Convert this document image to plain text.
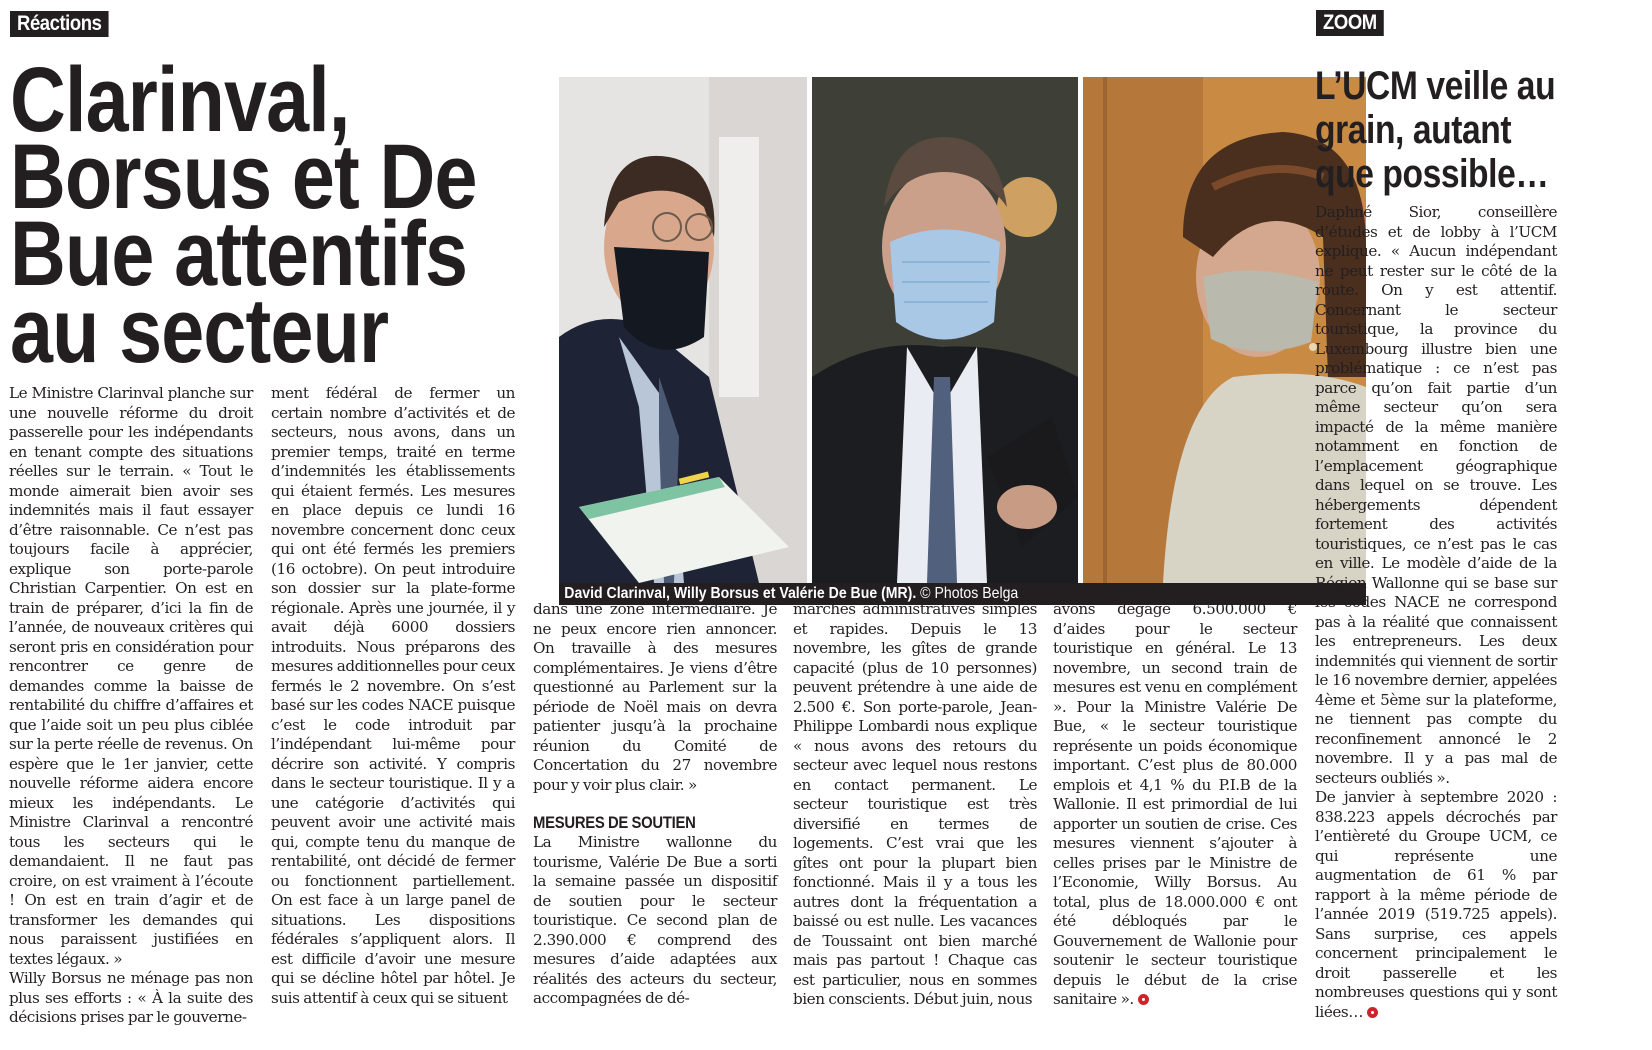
Réactions
Clarinval,
Borsus et De
Bue attentifs
au secteur
David Clarinval, Willy Borsus et Valérie De Bue (MR). © Photos Belga

Le Ministre Clarinval planche sur une nouvelle réforme du droit passerelle pour les indépendants en tenant compte des situations réelles sur le terrain. « Tout le monde aimerait bien avoir ses indemnités mais il faut essayer d’être raisonnable. Ce n’est pas toujours facile à apprécier, explique son porte-parole Christian Carpentier. On est en train de préparer, d’ici la fin de l’année, de nouveaux critères qui seront pris en considération pour rencontrer ce genre de demandes comme la baisse de rentabilité du chiffre d’affaires et que l’aide soit un peu plus ciblée sur la perte réelle de revenus. On espère que le 1er janvier, cette nouvelle réforme aidera encore mieux les indépendants. Le Ministre Clarinval a rencontré tous les secteurs qui le demandaient. Il ne faut pas croire, on est vraiment à l’écoute ! On est en train d’agir et de transformer les demandes qui nous paraissent justifiées en textes légaux. »

Willy Borsus ne ménage pas non plus ses efforts : « À la suite des décisions prises par le gouverne-

ment fédéral de fermer un certain nombre d’activités et de secteurs, nous avons, dans un premier temps, traité en terme d’indemnités les établissements qui étaient fermés. Les mesures en place depuis ce lundi 16 novembre concernent donc ceux qui ont été fermés les premiers (16 octobre). On peut introduire son dossier sur la plate-forme régionale. Après une journée, il y avait déjà 6000 dossiers introduits. Nous préparons des mesures additionnelles pour ceux fermés le 2 novembre. On s’est basé sur les codes NACE puisque c’est le code introduit par l’indépendant lui-même pour décrire son activité. Y compris dans le secteur touristique. Il y a une catégorie d’activités qui peuvent avoir une activité mais qui, compte tenu du manque de rentabilité, ont décidé de fermer ou fonctionnent partiellement. On est face à un large panel de situations. Les dispositions fédérales s’appliquent alors. Il est difficile d’avoir une mesure qui se décline hôtel par hôtel. Je suis attentif à ceux qui se situent

dans une zone intermédiaire. Je ne peux encore rien annoncer. On travaille à des mesures complémentaires. Je viens d’être questionné au Parlement sur la période de Noël mais on devra patienter jusqu’à la prochaine réunion du Comité de Concertation du 27 novembre pour y voir plus clair. »

MESURES DE SOUTIEN

La Ministre wallonne du tourisme, Valérie De Bue a sorti la semaine passée un dispositif de soutien pour le secteur touristique. Ce second plan de 2.390.000 € comprend des mesures d’aide adaptées aux réalités des acteurs du secteur, accompagnées de dé-

marches administratives simples et rapides. Depuis le 13 novembre, les gîtes de grande capacité (plus de 10 personnes) peuvent prétendre à une aide de 2.500 €. Son porte-parole, Jean-Philippe Lombardi nous explique « nous avons des retours du secteur avec lequel nous restons en contact permanent. Le secteur touristique est très diversifié en termes de logements. C’est vrai que les gîtes ont pour la plupart bien fonctionné. Mais il y a tous les autres dont la fréquentation a baissé ou est nulle. Les vacances de Toussaint ont bien marché mais pas partout ! Chaque cas est particulier, nous en sommes bien conscients. Début juin, nous

avons dégagé 6.500.000 € d’aides pour le secteur touristique en général. Le 13 novembre, un second train de mesures est venu en complément ». Pour la Ministre Valérie De Bue, « le secteur touristique représente un poids économique important. C’est plus de 80.000 emplois et 4,1 % du P.I.B de la Wallonie. Il est primordial de lui apporter un soutien de crise. Ces mesures viennent s’ajouter à celles prises par le Ministre de l’Economie, Willy Borsus. Au total, plus de 18.000.000 € ont été débloqués par le Gouvernement de Wallonie pour soutenir le secteur touristique depuis le début de la crise sanitaire ».

ZOOM
L’UCM veille au
grain, autant
que possible…

Daphné Sior, conseillère d’études et de lobby à l’UCM explique. « Aucun indépendant ne peut rester sur le côté de la route. On y est attentif. Concernant le secteur touristique, la province du Luxembourg illustre bien une problématique : ce n’est pas parce qu’on fait partie d’un même secteur qu’on sera impacté de la même manière notamment en fonction de l’emplacement géographique dans lequel on se trouve. Les hébergements dépendent fortement des activités touristiques, ce n’est pas le cas en ville. Le modèle d’aide de la Région Wallonne qui se base sur les codes NACE ne correspond pas à la réalité que connaissent les entrepreneurs. Les deux indemnités qui viennent de sortir le 16 novembre dernier, appelées 4ème et 5ème sur la plateforme, ne tiennent pas compte du reconfinement annoncé le 2 novembre. Il y a pas mal de secteurs oubliés ».

De janvier à septembre 2020 : 838.223 appels décrochés par l’entièreté du Groupe UCM, ce qui représente une augmentation de 61 % par rapport à la même période de l’année 2019 (519.725 appels). Sans surprise, ces appels concernent principalement le droit passerelle et les nombreuses questions qui y sont liées…
